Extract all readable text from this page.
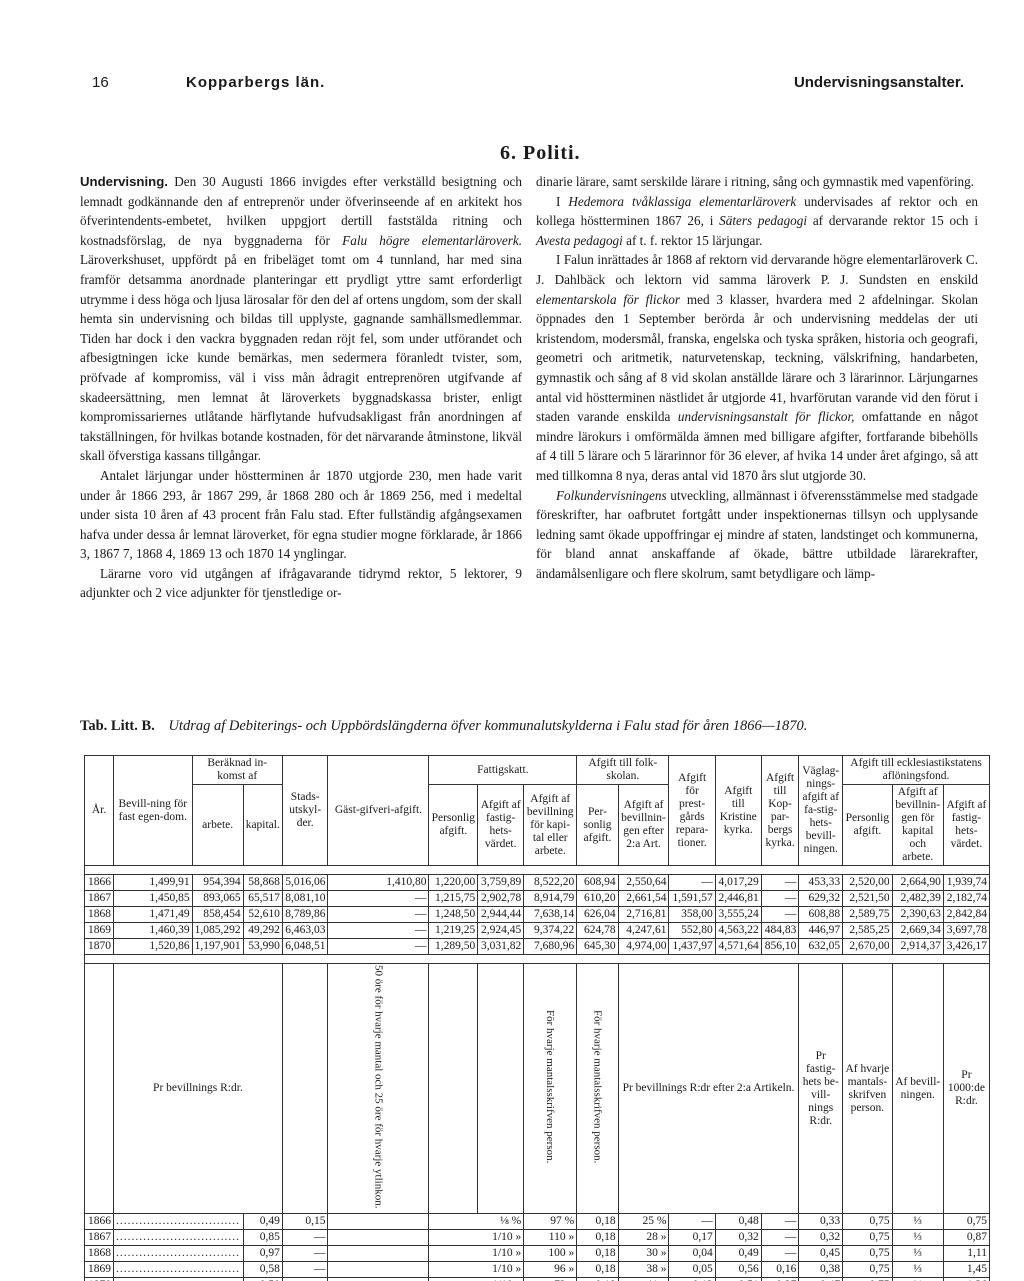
16	Kopparbergs län.	Undervisningsanstalter.
6. Politi.

Undervisning. Den 30 Augusti 1866 invigdes efter verkställd besigtning och lemnadt godkännande den af entreprenör under öfverinseende af en arkitekt hos öfverintendents-embetet, hvilken uppgjort dertill faststälda ritning och kostnadsförslag, de nya byggnaderna för Falu högre elementarläroverk. Läroverkshuset, uppfördt på en fribeläget tomt om 4 tunnland, har med sina framför detsamma anordnade planteringar ett prydligt yttre samt erforderligt utrymme i dess höga och ljusa lärosalar för den del af ortens ungdom, som der skall hemta sin undervisning och bildas till upplyste, gagnande samhällsmedlemmar. Tiden har dock i den vackra byggnaden redan röjt fel, som under utförandet och afbesigtningen icke kunde bemärkas, men sedermera föranledt tvister, som, pröfvade af kompromiss, väl i viss mån ådragit entreprenören utgifvande af skadeersättning, men lemnat åt läroverkets byggnadskassa brister, enligt kompromissariernes utlåtande härflytande hufvudsakligast från anordningen af takställningen, för hvilkas botande kostnaden, för det närvarande åtminstone, likväl skall öfverstiga kassans tillgångar.

Antalet lärjungar under höstterminen år 1870 utgjorde 230, men hade varit under år 1866 293, år 1867 299, år 1868 280 och år 1869 256, med i medeltal under sista 10 åren af 43 procent från Falu stad. Efter fullständig afgångsexamen hafva under dessa år lemnat läroverket, för egna studier mogne förklarade, år 1866 3, 1867 7, 1868 4, 1869 13 och 1870 14 ynglingar.

Lärarne voro vid utgången af ifrågavarande tidrymd rektor, 5 lektorer, 9 adjunkter och 2 vice adjunkter för tjenstledige or-

dinarie lärare, samt serskilde lärare i ritning, sång och gymnastik med vapenföring.

I Hedemora tvåklassiga elementarläroverk undervisades af rektor och en kollega höstterminen 1867 26, i Säters pedagogi af dervarande rektor 15 och i Avesta pedagogi af t. f. rektor 15 lärjungar.

I Falun inrättades år 1868 af rektorn vid dervarande högre elementarläroverk C. J. Dahlbäck och lektorn vid samma läroverk P. J. Sundsten en enskild elementarskola för flickor med 3 klasser, hvardera med 2 afdelningar. Skolan öppnades den 1 September berörda år och undervisning meddelas der uti kristendom, modersmål, franska, engelska och tyska språken, historia och geografi, geometri och aritmetik, naturvetenskap, teckning, välskrifning, handarbeten, gymnastik och sång af 8 vid skolan anställde lärare och 3 lärarinnor. Lärjungarnes antal vid höstterminen nästlidet år utgjorde 41, hvarförutan varande vid den förut i staden varande enskilda undervisningsanstalt för flickor, omfattande en något mindre lärokurs i omförmälda ämnen med billigare afgifter, fortfarande bibehölls af 4 till 5 lärare och 5 lärarinnor för 36 elever, af hvika 14 under året afgingo, så att med tillkomna 8 nya, deras antal vid 1870 års slut utgjorde 30.

Folkundervisningens utveckling, allmännast i öfverensstämmelse med stadgade föreskrifter, har oafbrutet fortgått under inspektionernas tillsyn och upplysande ledning samt ökade uppoffringar ej mindre af staten, landstinget och kommunerna, för bland annat anskaffande af ökade, bättre utbildade lärarekrafter, ändamålsenligare och flere skolrum, samt betydligare och lämp-

Tab. Litt. B. Utdrag af Debiterings- och Uppbördslängderna öfver kommunalutskylderna i Falu stad för åren 1866—1870.
År.	Bevill-ning för fast egen-dom.	Beräknad in-komst af		Stads-utskyl-der.	Gäst-gifveri-afgift.	Fattigskatt.			Afgift till folk-skolan.		Afgift för prest-gårds repara-tioner.	Afgift till Kristine kyrka.	Afgift till Kop-par-bergs kyrka.	Väglag-nings-afgift af fa-stig-hets-bevill-ningen.	Afgift till ecklesiastikstatens aflöningsfond.		
		arbete.	kapital.			Personlig afgift.	Afgift af fastig-hets-värdet.	Afgift af bevillning för kapi-tal eller arbete.	Per-sonlig afgift.	Afgift af bevillnin-gen efter 2:a Art.					Personlig afgift.	Afgift af bevillnin-gen för kapital och arbete.	Afgift af fastig-hets-värdet.

1866	1,499,91	954,394	58,868	5,016,06	1,410,80	1,220,00	3,759,89	8,522,20	608,94	2,550,64	—	4,017,29	—	453,33	2,520,00	2,664,90	1,939,74
1867	1,450,85	893,065	65,517	8,081,10	—	1,215,75	2,902,78	8,914,79	610,20	2,661,54	1,591,57	2,446,81	—	629,32	2,521,50	2,482,39	2,182,74
1868	1,471,49	858,454	52,610	8,789,86	—	1,248,50	2,944,44	7,638,14	626,04	2,716,81	358,00	3,555,24	—	608,88	2,589,75	2,390,63	2,842,84
1869	1,460,39	1,085,292	49,292	6,463,03	—	1,219,25	2,924,45	9,374,22	624,78	4,247,61	552,80	4,563,22	484,83	446,97	2,585,25	2,669,34	3,697,78
1870	1,520,86	1,197,901	53,990	6,048,51	—	1,289,50	3,031,82	7,680,96	645,30	4,974,00	1,437,97	4,571,64	856,10	632,05	2,670,00	2,914,37	3,426,17

	Pr bevillnings R:dr.				50 öre för hvarje mantal och 25 öre för hvarje ytlinkon.			För hvarje mantalsskrifven person.	För hvarje mantalsskrifven person.	Pr bevillnings R:dr efter 2:a Artikeln.				Pr fastig-hets be-vill-nings R:dr.	Af hvarje mantals-skrifven person.	Af bevill-ningen.	Pr 1000:de R:dr.
1866	................................		0,49	0,15		⅛ %		97 %	0,18	25 %	—	0,48	—	0,33	0,75	⅓	0,75
1867	................................		0,85	—		1/10 »		110 »	0,18	28 »	0,17	0,32	—	0,32	0,75	⅓	0,87
1868	................................		0,97	—		1/10 »		100 »	0,18	30 »	0,04	0,49	—	0,45	0,75	⅓	1,11
1869	................................		0,58	—		1/10 »		96 »	0,18	38 »	0,05	0,56	0,16	0,38	0,75	⅓	1,45
